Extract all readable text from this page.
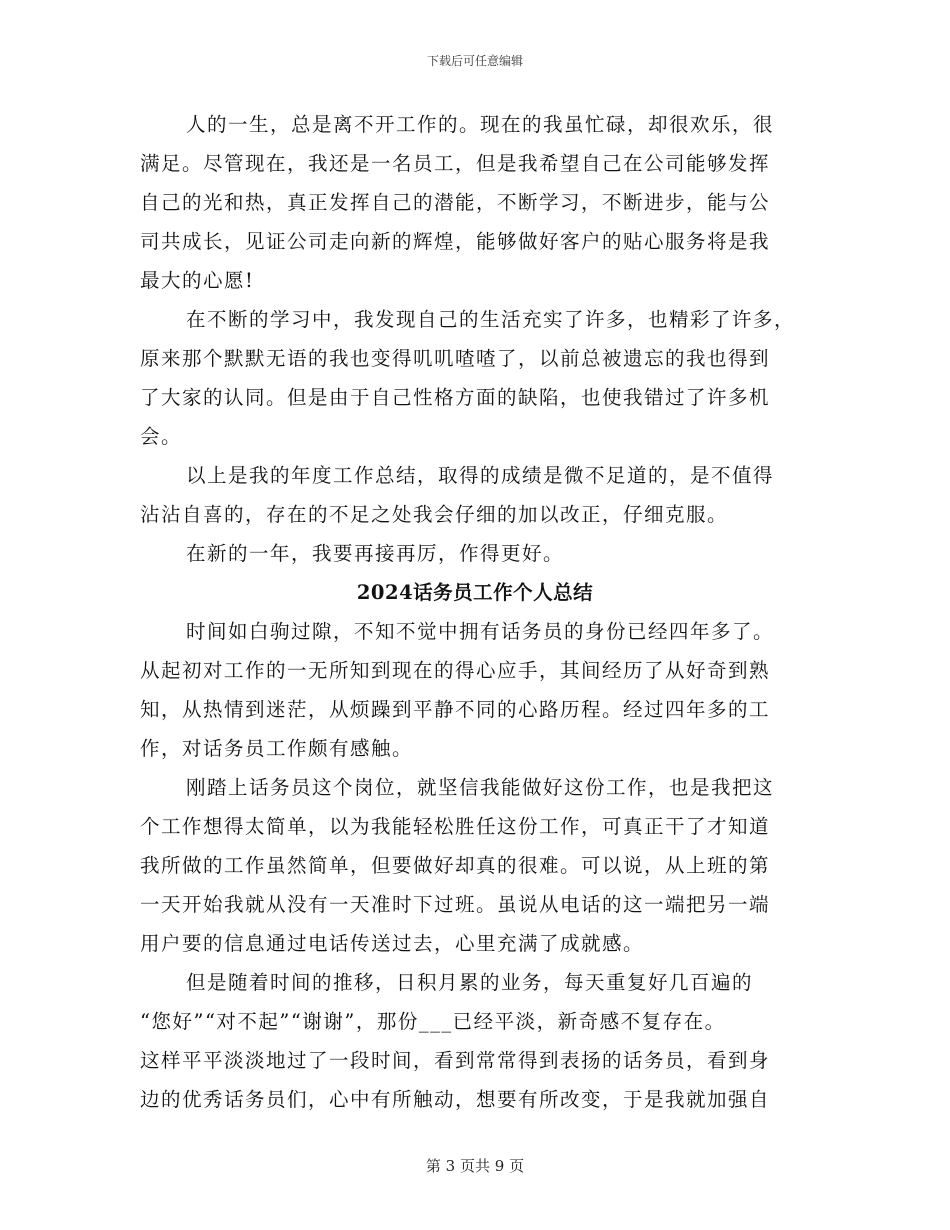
下载后可任意编辑
人的一生，总是离不开工作的。现在的我虽忙碌，却很欢乐，很
满足。尽管现在，我还是一名员工，但是我希望自己在公司能够发挥
自己的光和热，真正发挥自己的潜能，不断学习，不断进步，能与公
司共成长，见证公司走向新的辉煌，能够做好客户的贴心服务将是我
最大的心愿!
在不断的学习中，我发现自己的生活充实了许多，也精彩了许多，
原来那个默默无语的我也变得叽叽喳喳了，以前总被遗忘的我也得到
了大家的认同。但是由于自己性格方面的缺陷，也使我错过了许多机
会。
以上是我的年度工作总结，取得的成绩是微不足道的，是不值得
沾沾自喜的，存在的不足之处我会仔细的加以改正，仔细克服。
在新的一年，我要再接再厉，作得更好。
2024话务员工作个人总结
时间如白驹过隙，不知不觉中拥有话务员的身份已经四年多了。
从起初对工作的一无所知到现在的得心应手，其间经历了从好奇到熟
知，从热情到迷茫，从烦躁到平静不同的心路历程。经过四年多的工
作，对话务员工作颇有感触。
刚踏上话务员这个岗位，就坚信我能做好这份工作，也是我把这
个工作想得太简单，以为我能轻松胜任这份工作，可真正干了才知道
我所做的工作虽然简单，但要做好却真的很难。可以说，从上班的第
一天开始我就从没有一天准时下过班。虽说从电话的这一端把另一端
用户要的信息通过电话传送过去，心里充满了成就感。
但是随着时间的推移，日积月累的业务，每天重复好几百遍的
“您好”“对不起”“谢谢”，那份___已经平淡，新奇感不复存在。
这样平平淡淡地过了一段时间，看到常常得到表扬的话务员，看到身
边的优秀话务员们，心中有所触动，想要有所改变，于是我就加强自
第 3 页共 9 页
